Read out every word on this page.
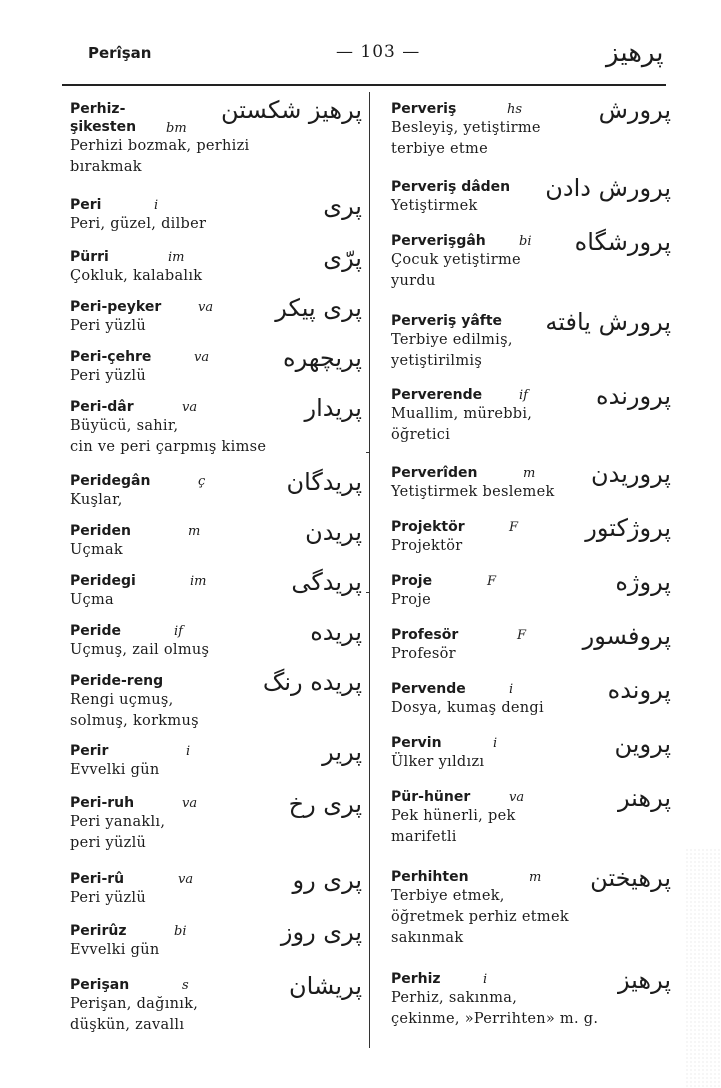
Perîşan	— 103 —	پرهيز
Perhiz-
şikesten bm
Perhizi bozmak, perhizi
bırakmak
پرهيز شكستن
Peri	i
Peri, güzel, dilber
پرى
Pürri	im
Çokluk, kalabalık
پرّى
Peri-peyker	va
Peri yüzlü
پرى پيكر
Peri-çehre	va
Peri yüzlü
پريچهره
Peri-dâr	va
Büyücü, sahir,
cin ve peri çarpmış kimse
پريدار
Peridegân	ç
Kuşlar,
پريدگان
Periden	m
Uçmak
پريدن
Peridegi	im
Uçma
پريدگى
Peride	if
Uçmuş, zail olmuş
پريده
Peride-reng
Rengi uçmuş,
solmuş, korkmuş
پريده رنگ
Perir	i
Evvelki gün
پرير
Peri-ruh	va
Peri yanaklı,
peri yüzlü
پرى رخ
Peri-rû	va
Peri yüzlü
پرى رو
Perirûz	bi
Evvelki gün
پرى روز
Perişan	s
Perişan, dağınık,
düşkün, zavallı
پريشان
Perveriş	hs
Besleyiş, yetiştirme
terbiye etme
پرورش
Perveriş dâden
Yetiştirmek
پرورش دادن
Perverişgâh	bi
Çocuk yetiştirme
yurdu
پرورشگاه
Perveriş yâfte
Terbiye edilmiş,
yetiştirilmiş
پرورش يافته
Perverende	if
Muallim, mürebbi,
öğretici
پرورنده
Perverîden	m
Yetiştirmek beslemek
پروريدن
Projektör	F
Projektör
پروژكتور
Proje	F
Proje
پروژه
Profesör	F
Profesör
پروفسور
Pervende	i
Dosya, kumaş dengi
پرونده
Pervin	i
Ülker yıldızı
پروين
Pür-hüner	va
Pek hünerli, pek
marifetli
پرهنر
Perhihten	m
Terbiye etmek,
öğretmek perhiz etmek
sakınmak
پرهيختن
Perhiz	i
Perhiz, sakınma,
çekinme, »Perrihten» m. g.
پرهيز
